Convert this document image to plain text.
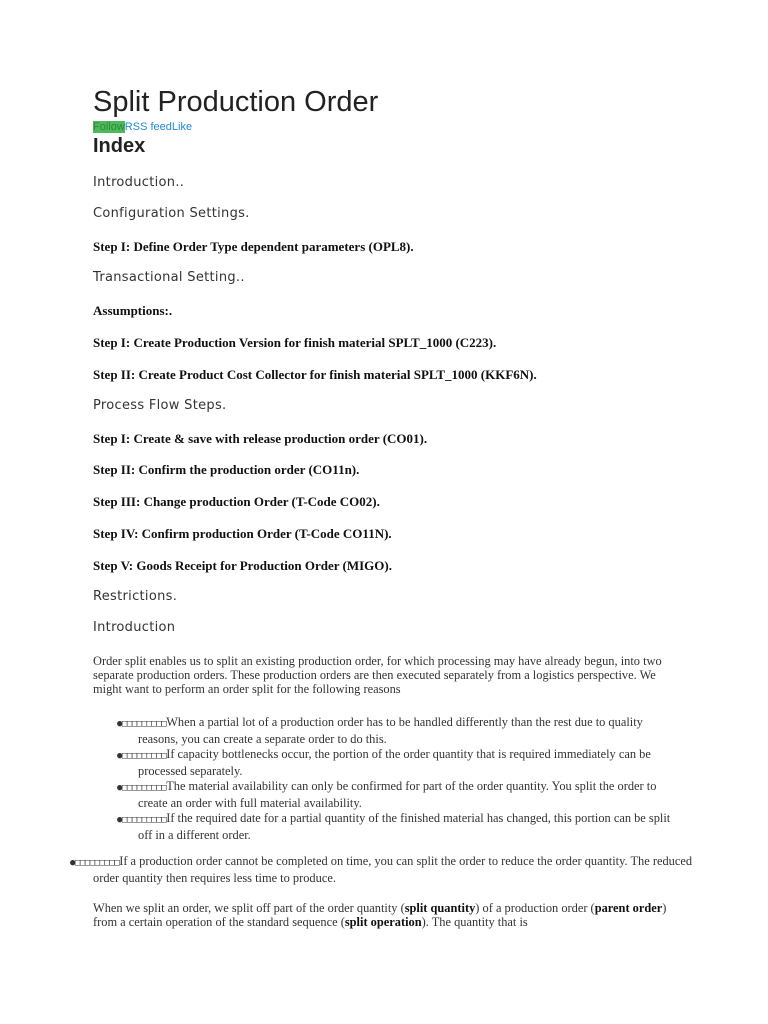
Split Production Order
FollowRSS feedLike
Index
Introduction..
Configuration Settings.
Step I: Define Order Type dependent parameters (OPL8).
Transactional Setting..
Assumptions:.
Step I: Create Production Version for finish material SPLT_1000 (C223).
Step II: Create Product Cost Collector for finish material SPLT_1000 (KKF6N).
Process Flow Steps.
Step I: Create & save with release production order (CO01).
Step II: Confirm the production order (CO11n).
Step III: Change production Order (T-Code CO02).
Step IV: Confirm production Order (T-Code CO11N).
Step V: Goods Receipt for Production Order (MIGO).
Restrictions.
Introduction

Order split enables us to split an existing production order, for which processing may have already begun, into two separate production orders. These production orders are then executed separately from a logistics perspective. We might want to perform an order split for the following reasons

●□□□□□□□□□When a partial lot of a production order has to be handled differently than the rest due to quality reasons, you can create a separate order to do this.
●□□□□□□□□□If capacity bottlenecks occur, the portion of the order quantity that is required immediately can be processed separately.
●□□□□□□□□□The material availability can only be confirmed for part of the order quantity. You split the order to create an order with full material availability.
●□□□□□□□□□If the required date for a partial quantity of the finished material has changed, this portion can be split off in a different order.
●□□□□□□□□□If a production order cannot be completed on time, you can split the order to reduce the order quantity. The reduced order quantity then requires less time to produce.

When we split an order, we split off part of the order quantity (split quantity) of a production order (parent order) from a certain operation of the standard sequence (split operation). The quantity that is
